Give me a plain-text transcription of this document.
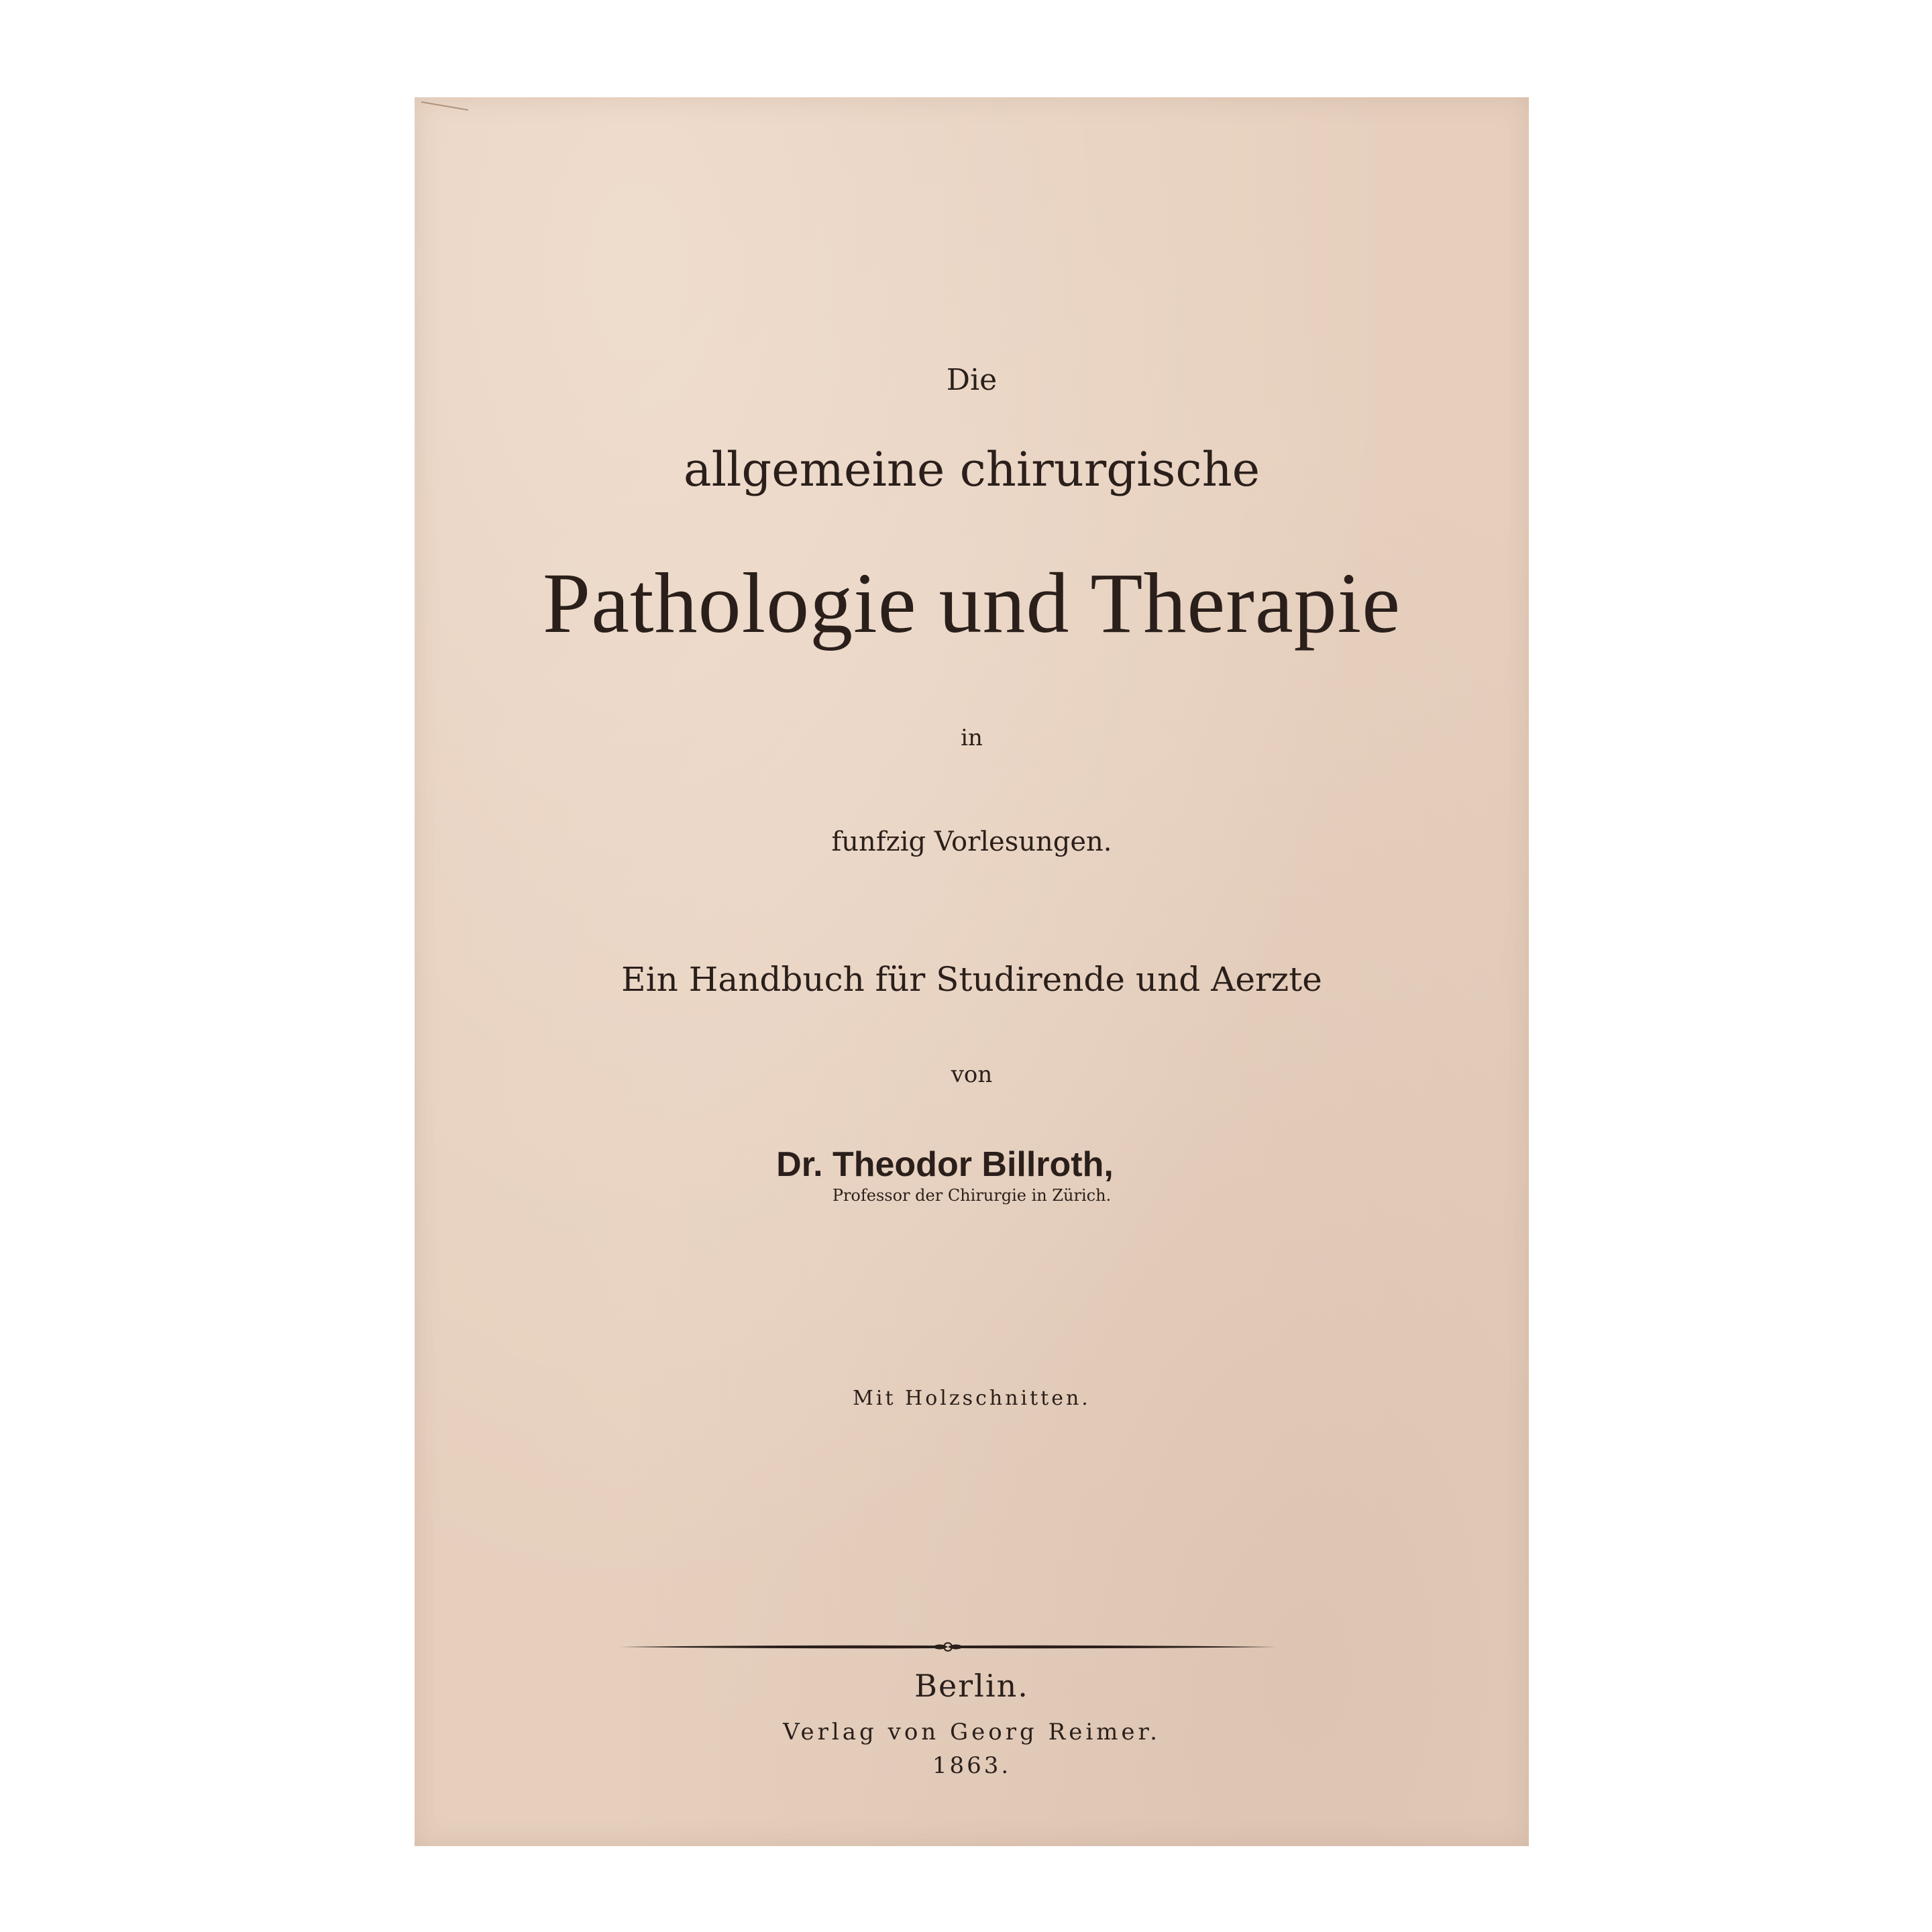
Die
allgemeine chirurgische
Pathologie und Therapie
in
funfzig Vorlesungen.
Ein Handbuch für Studirende und Aerzte
von
Dr. Theodor Billroth,
Professor der Chirurgie in Zürich.
Mit Holzschnitten.
Berlin.
Verlag von Georg Reimer.
1863.
